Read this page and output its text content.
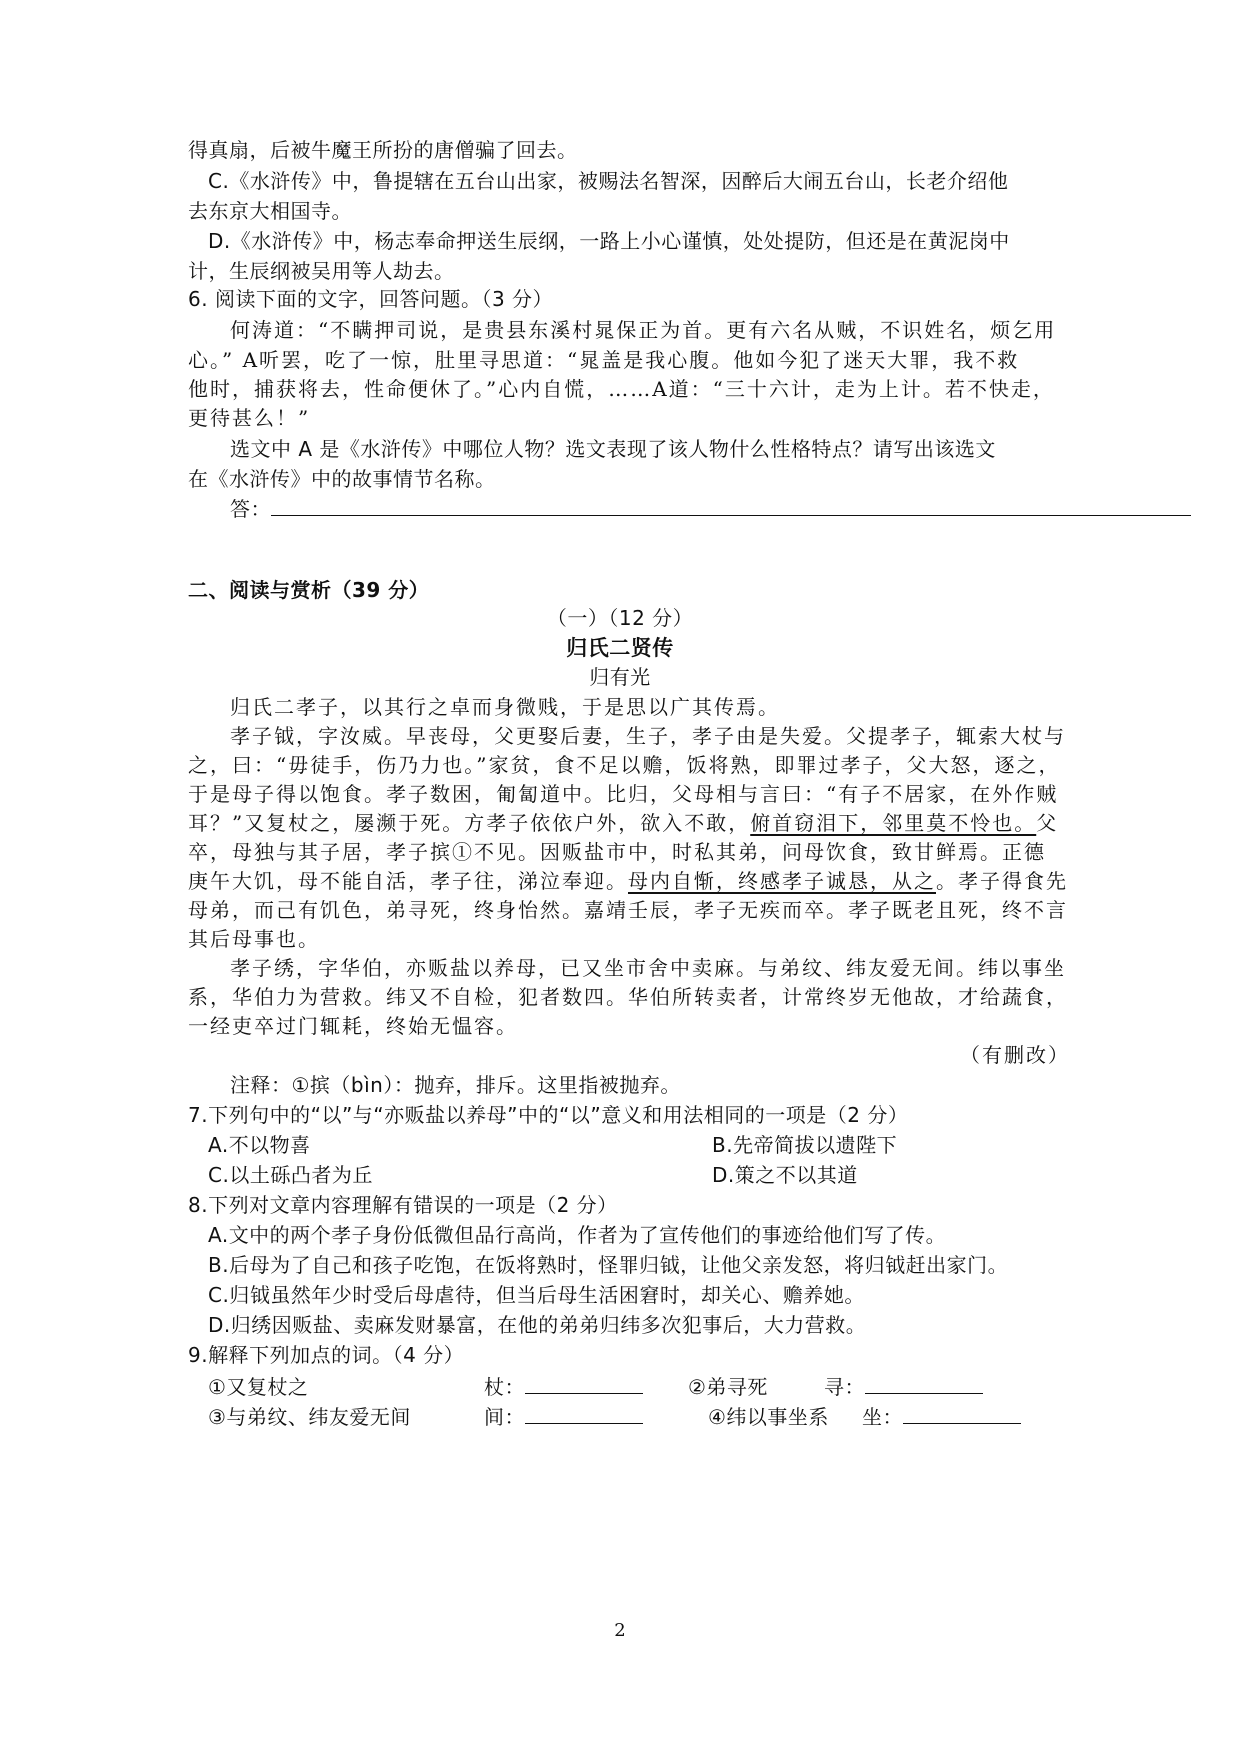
得真扇，后被牛魔王所扮的唐僧骗了回去。
C.《水浒传》中，鲁提辖在五台山出家，被赐法名智深，因醉后大闹五台山，长老介绍他
去东京大相国寺。
D.《水浒传》中，杨志奉命押送生辰纲，一路上小心谨慎，处处提防，但还是在黄泥岗中
计，生辰纲被吴用等人劫去。
6. 阅读下面的文字，回答问题。（3 分）
何涛道：“不瞒押司说，是贵县东溪村晁保正为首。更有六名从贼，不识姓名，烦乞用
心。” A听罢，吃了一惊，肚里寻思道：“晁盖是我心腹。他如今犯了迷天大罪，我不救
他时，捕获将去，性命便休了。”心内自慌，……A道：“三十六计，走为上计。若不快走，
更待甚么！”
选文中 A 是《水浒传》中哪位人物？选文表现了该人物什么性格特点？请写出该选文
在《水浒传》中的故事情节名称。
答：
二、阅读与赏析（39 分）
（一）（12 分）
归氏二贤传
归有光
归氏二孝子，以其行之卓而身微贱，于是思以广其传焉。
孝子钺，字汝威。早丧母，父更娶后妻，生子，孝子由是失爱。父提孝子，辄索大杖与
之，曰：“毋徒手，伤乃力也。”家贫，食不足以赡，饭将熟，即罪过孝子，父大怒，逐之，
于是母子得以饱食。孝子数困，匍匐道中。比归，父母相与言曰：“有子不居家，在外作贼
耳？”又复杖之，屡濒于死。方孝子依依户外，欲入不敢，俯首窃泪下，邻里莫不怜也。父
卒，母独与其子居，孝子摈①不见。因贩盐市中，时私其弟，问母饮食，致甘鲜焉。正德
庚午大饥，母不能自活，孝子往，涕泣奉迎。母内自惭，终感孝子诚恳，从之。孝子得食先
母弟，而己有饥色，弟寻死，终身怡然。嘉靖壬辰，孝子无疾而卒。孝子既老且死，终不言
其后母事也。
孝子绣，字华伯，亦贩盐以养母，已又坐市舍中卖麻。与弟纹、纬友爱无间。纬以事坐
系，华伯力为营救。纬又不自检，犯者数四。华伯所转卖者，计常终岁无他故，才给蔬食，
一经吏卒过门辄耗，终始无愠容。
（有删改）
注释：①摈（bìn）：抛弃，排斥。这里指被抛弃。
7.下列句中的“以”与“亦贩盐以养母”中的“以”意义和用法相同的一项是（2 分）
A.不以物喜	B.先帝简拔以遗陛下
C.以土砾凸者为丘	D.策之不以其道
8.下列对文章内容理解有错误的一项是（2 分）
A.文中的两个孝子身份低微但品行高尚，作者为了宣传他们的事迹给他们写了传。
B.后母为了自己和孩子吃饱，在饭将熟时，怪罪归钺，让他父亲发怒，将归钺赶出家门。
C.归钺虽然年少时受后母虐待，但当后母生活困窘时，却关心、赡养她。
D.归绣因贩盐、卖麻发财暴富，在他的弟弟归纬多次犯事后，大力营救。
9.解释下列加点的词。（4 分）
①又复杖之	杖：	②弟寻死	寻：
③与弟纹、纬友爱无间	间：	④纬以事坐系 坐：
2
